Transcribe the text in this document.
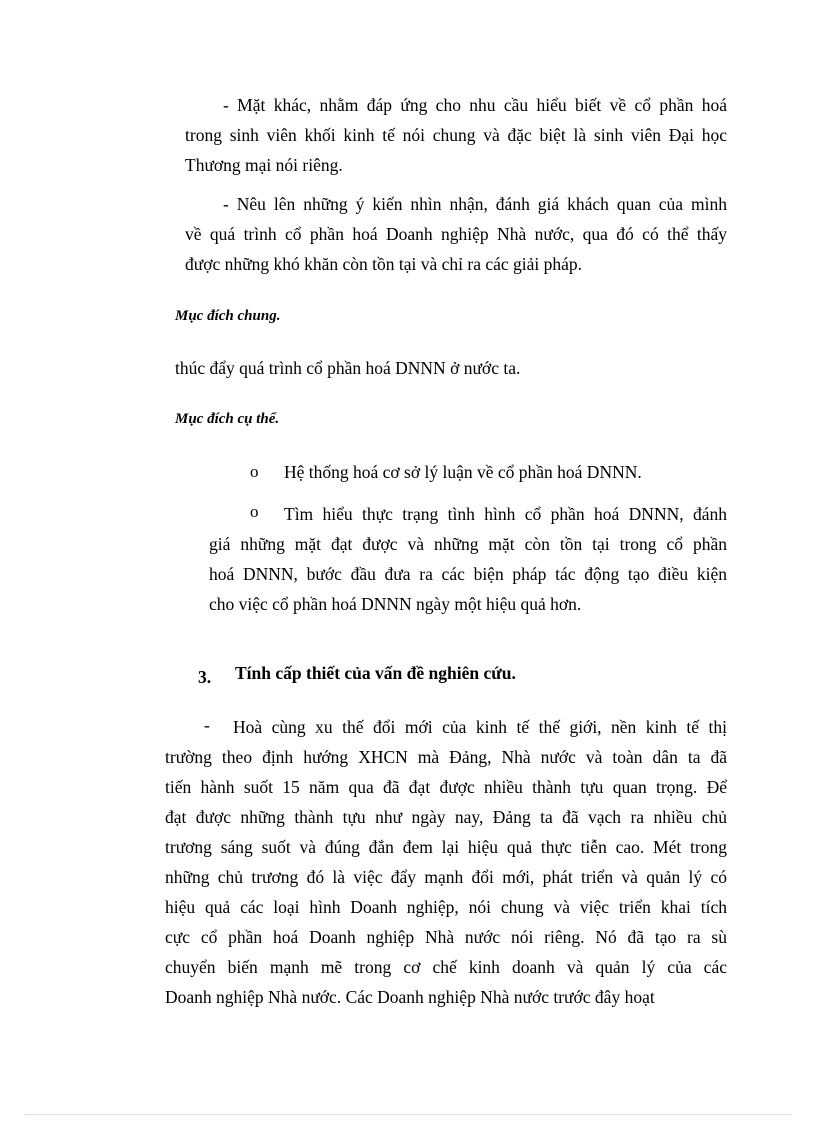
- Mặt khác, nhằm đáp ứng cho nhu cầu hiểu biết về cổ phần hoá
trong sinh viên khối kinh tế nói chung và đặc biệt là sinh viên Đại học
Thương mại nói riêng.
- Nêu lên những ý kiến nhìn nhận, đánh giá khách quan của mình
về quá trình cổ phần hoá Doanh nghiệp Nhà nước, qua đó có thể thấy
được những khó khăn còn tồn tại và chỉ ra các giải pháp.

Mục đích chung.

thúc đẩy quá trình cổ phần hoá DNNN ở nước ta.

Mục đích cụ thể.

o Hệ thống hoá cơ sở lý luận về cổ phần hoá DNNN.

o	Tìm hiểu thực trạng tình hình cổ phần hoá DNNN, đánh
giá những mặt đạt được và những mặt còn tồn tại trong cổ phần
hoá DNNN, bước đầu đưa ra các biện pháp tác động tạo điều kiện
cho việc cổ phần hoá DNNN ngày một hiệu quả hơn.

3. Tính cấp thiết của vấn đề nghiên cứu.

-	Hoà cùng xu thế đổi mới của kinh tế thế giới, nền kinh tế thị
trường theo định hướng XHCN mà Đảng, Nhà nước và toàn dân ta đã
tiến hành suốt 15 năm qua đã đạt được nhiều thành tựu quan trọng. Để
đạt được những thành tựu như ngày nay, Đảng ta đã vạch ra nhiều chủ
trương sáng suốt và đúng đắn đem lại hiệu quả thực tiễn cao. Mét trong
những chủ trương đó là việc đẩy mạnh đổi mới, phát triển và quản lý có
hiệu quả các loại hình Doanh nghiệp, nói chung và việc triển khai tích
cực cổ phần hoá Doanh nghiệp Nhà nước nói riêng. Nó đã tạo ra sù
chuyển biến mạnh mẽ trong cơ chế kinh doanh và quản lý của các
Doanh nghiệp Nhà nước. Các Doanh nghiệp Nhà nước trước đây hoạt
